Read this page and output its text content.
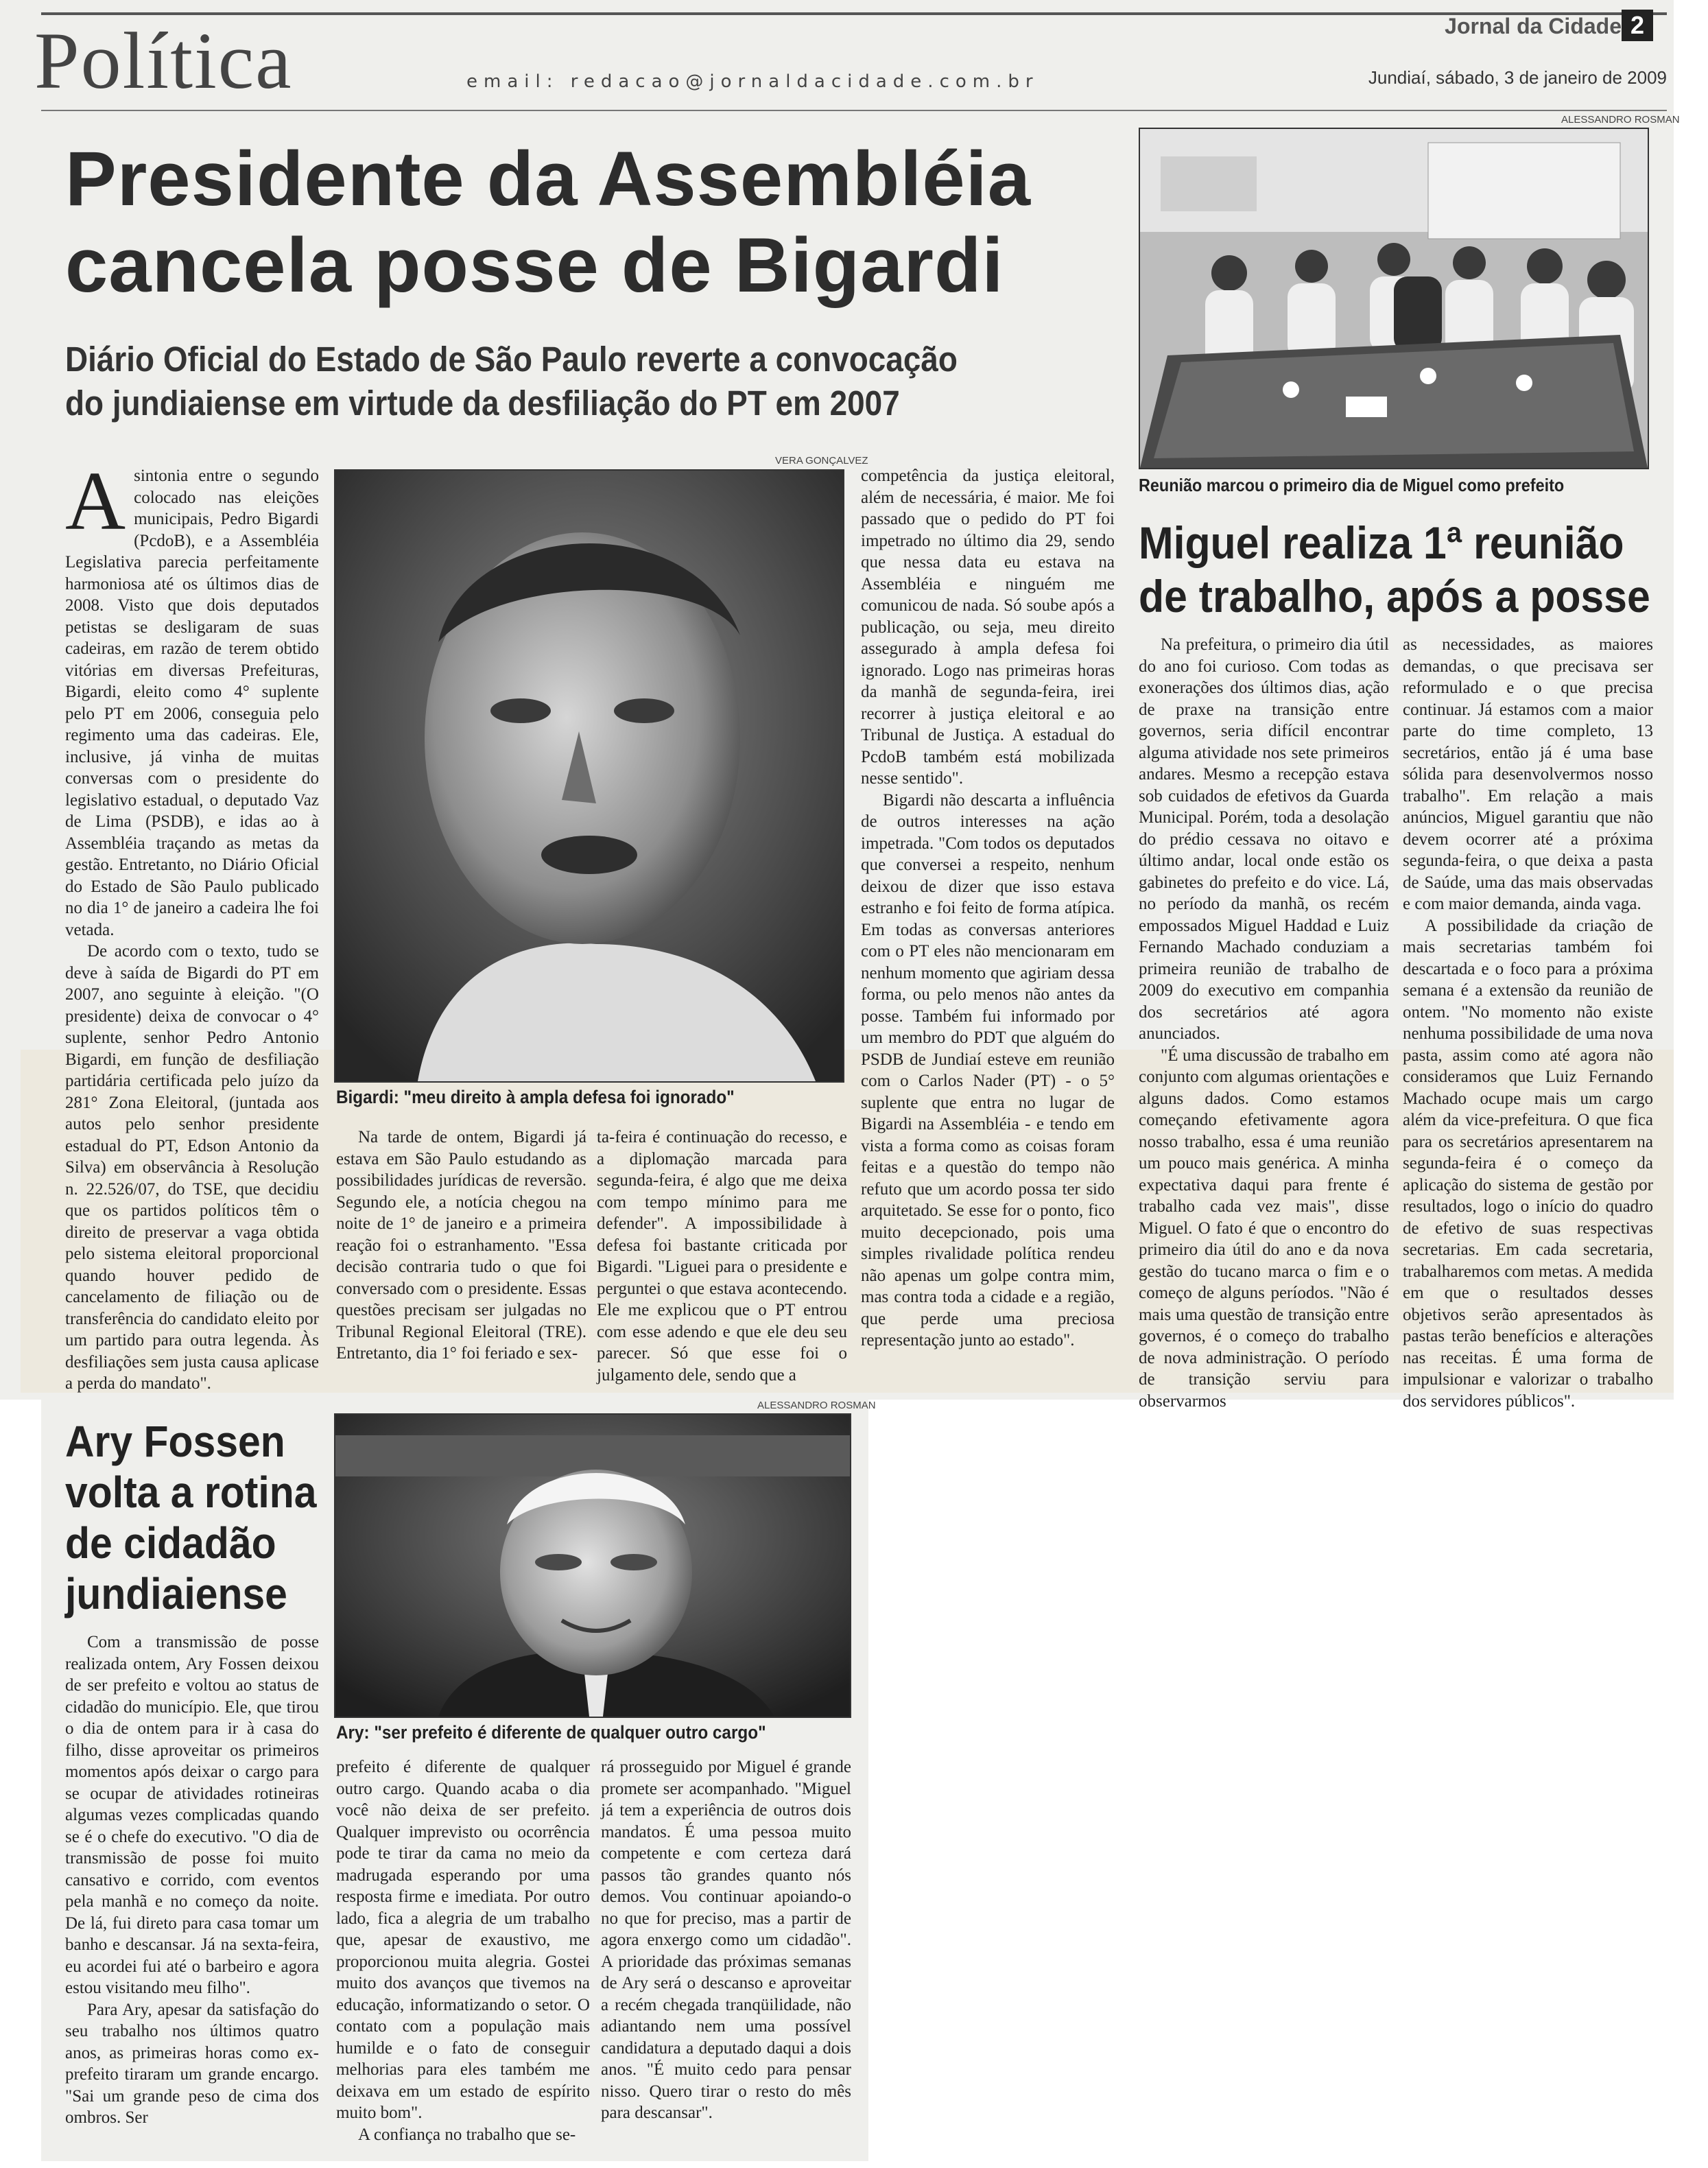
Política	email: redacao@jornaldacidade.com.br
Jornal da Cidade 2
Jundiaí, sábado, 3 de janeiro de 2009
Presidente da Assembléia
cancela posse de Bigardi
Diário Oficial do Estado de São Paulo reverte a convocação
do jundiaiense em virtude da desfiliação do PT em 2007

Asintonia entre o segundo colocado nas eleições municipais, Pedro Bigardi (PcdoB), e a Assembléia Legislativa parecia perfeitamente harmoniosa até os últimos dias de 2008. Visto que dois deputados petistas se desligaram de suas cadeiras, em razão de terem obtido vitórias em diversas Prefeituras, Bigardi, eleito como 4° suplente pelo PT em 2006, conseguia pelo regimento uma das cadeiras. Ele, inclusive, já vinha de muitas conversas com o presidente do legislativo estadual, o deputado Vaz de Lima (PSDB), e idas ao à Assembléia traçando as metas da gestão. Entretanto, no Diário Oficial do Estado de São Paulo publicado no dia 1° de janeiro a cadeira lhe foi vetada.

De acordo com o texto, tudo se deve à saída de Bigardi do PT em 2007, ano seguinte à eleição. "(O presidente) deixa de convocar o 4° suplente, senhor Pedro Antonio Bigardi, em função de desfiliação partidária certificada pelo juízo da 281° Zona Eleitoral, (juntada aos autos pelo senhor presidente estadual do PT, Edson Antonio da Silva) em observância à Resolução n. 22.526/07, do TSE, que decidiu que os partidos políticos têm o direito de preservar a vaga obtida pelo sistema eleitoral proporcional quando houver pedido de cancelamento de filiação ou de transferência do candidato eleito por um partido para outra legenda. Às desfiliações sem justa causa aplicase a perda do mandato".

VERA GONÇALVEZ
Bigardi: "meu direito à ampla defesa foi ignorado"

Na tarde de ontem, Bigardi já estava em São Paulo estudando as possibilidades jurídicas de reversão. Segundo ele, a notícia chegou na noite de 1° de janeiro e a primeira reação foi o estranhamento. "Essa decisão contraria tudo o que foi conversado com o presidente. Essas questões precisam ser julgadas no Tribunal Regional Eleitoral (TRE). Entretanto, dia 1° foi feriado e sex-

ta-feira é continuação do recesso, e a diplomação marcada para segunda-feira, é algo que me deixa com tempo mínimo para me defender". A impossibilidade à defesa foi bastante criticada por Bigardi. "Liguei para o presidente e perguntei o que estava acontecendo. Ele me explicou que o PT entrou com esse adendo e que ele deu seu parecer. Só que esse foi o julgamento dele, sendo que a

competência da justiça eleitoral, além de necessária, é maior. Me foi passado que o pedido do PT foi impetrado no último dia 29, sendo que nessa data eu estava na Assembléia e ninguém me comunicou de nada. Só soube após a publicação, ou seja, meu direito assegurado à ampla defesa foi ignorado. Logo nas primeiras horas da manhã de segunda-feira, irei recorrer à justiça eleitoral e ao Tribunal de Justiça. A estadual do PcdoB também está mobilizada nesse sentido".

Bigardi não descarta a influência de outros interesses na ação impetrada. "Com todos os deputados que conversei a respeito, nenhum deixou de dizer que isso estava estranho e foi feito de forma atípica. Em todas as conversas anteriores com o PT eles não mencionaram em nenhum momento que agiriam dessa forma, ou pelo menos não antes da posse. Também fui informado por um membro do PDT que alguém do PSDB de Jundiaí esteve em reunião com o Carlos Nader (PT) - o 5° suplente que entra no lugar de Bigardi na Assembléia - e tendo em vista a forma como as coisas foram feitas e a questão do tempo não refuto que um acordo possa ter sido arquitetado. Se esse for o ponto, fico muito decepcionado, pois uma simples rivalidade política rendeu não apenas um golpe contra mim, mas contra toda a cidade e a região, que perde uma preciosa representação junto ao estado".

ALESSANDRO ROSMAN
Reunião marcou o primeiro dia de Miguel como prefeito
Miguel realiza 1ª reunião
de trabalho, após a posse

Na prefeitura, o primeiro dia útil do ano foi curioso. Com todas as exonerações dos últimos dias, ação de praxe na transição entre governos, seria difícil encontrar alguma atividade nos sete primeiros andares. Mesmo a recepção estava sob cuidados de efetivos da Guarda Municipal. Porém, toda a desolação do prédio cessava no oitavo e último andar, local onde estão os gabinetes do prefeito e do vice. Lá, no período da manhã, os recém empossados Miguel Haddad e Luiz Fernando Machado conduziam a primeira reunião de trabalho de 2009 do executivo em companhia dos secretários até agora anunciados.

"É uma discussão de trabalho em conjunto com algumas orientações e alguns dados. Como estamos começando efetivamente agora nosso trabalho, essa é uma reunião um pouco mais genérica. A minha expectativa daqui para frente é trabalho cada vez mais", disse Miguel. O fato é que o encontro do primeiro dia útil do ano e da nova gestão do tucano marca o fim e o começo de alguns períodos. "Não é mais uma questão de transição entre governos, é o começo do trabalho de nova administração. O período de transição serviu para observarmos

as necessidades, as maiores demandas, o que precisava ser reformulado e o que precisa continuar. Já estamos com a maior parte do time completo, 13 secretários, então já é uma base sólida para desenvolvermos nosso trabalho". Em relação a mais anúncios, Miguel garantiu que não devem ocorrer até a próxima segunda-feira, o que deixa a pasta de Saúde, uma das mais observadas e com maior demanda, ainda vaga.

A possibilidade da criação de mais secretarias também foi descartada e o foco para a próxima semana é a extensão da reunião de ontem. "No momento não existe nenhuma possibilidade de uma nova pasta, assim como até agora não consideramos que Luiz Fernando Machado ocupe mais um cargo além da vice-prefeitura. O que fica para os secretários apresentarem na segunda-feira é o começo da aplicação do sistema de gestão por resultados, logo o início do quadro de efetivo de suas respectivas secretarias. Em cada secretaria, trabalharemos com metas. A medida em que o resultados desses objetivos serão apresentados às pastas terão benefícios e alterações nas receitas. É uma forma de impulsionar e valorizar o trabalho dos servidores públicos".

Ary Fossen
volta a rotina
de cidadão
jundiaiense

Com a transmissão de posse realizada ontem, Ary Fossen deixou de ser prefeito e voltou ao status de cidadão do município. Ele, que tirou o dia de ontem para ir à casa do filho, disse aproveitar os primeiros momentos após deixar o cargo para se ocupar de atividades rotineiras algumas vezes complicadas quando se é o chefe do executivo. "O dia de transmissão de posse foi muito cansativo e corrido, com eventos pela manhã e no começo da noite. De lá, fui direto para casa tomar um banho e descansar. Já na sexta-feira, eu acordei fui até o barbeiro e agora estou visitando meu filho".

Para Ary, apesar da satisfação do seu trabalho nos últimos quatro anos, as primeiras horas como ex-prefeito tiraram um grande encargo. "Sai um grande peso de cima dos ombros. Ser

ALESSANDRO ROSMAN
Ary: "ser prefeito é diferente de qualquer outro cargo"

prefeito é diferente de qualquer outro cargo. Quando acaba o dia você não deixa de ser prefeito. Qualquer imprevisto ou ocorrência pode te tirar da cama no meio da madrugada esperando por uma resposta firme e imediata. Por outro lado, fica a alegria de um trabalho que, apesar de exaustivo, me proporcionou muita alegria. Gostei muito dos avanços que tivemos na educação, informatizando o setor. O contato com a população mais humilde e o fato de conseguir melhorias para eles também me deixava em um estado de espírito muito bom".

A confiança no trabalho que se-

rá prosseguido por Miguel é grande promete ser acompanhado. "Miguel já tem a experiência de outros dois mandatos. É uma pessoa muito competente e com certeza dará passos tão grandes quanto nós demos. Vou continuar apoiando-o no que for preciso, mas a partir de agora enxergo como um cidadão". A prioridade das próximas semanas de Ary será o descanso e aproveitar a recém chegada tranqüilidade, não adiantando nem uma possível candidatura a deputado daqui a dois anos. "É muito cedo para pensar nisso. Quero tirar o resto do mês para descansar".
